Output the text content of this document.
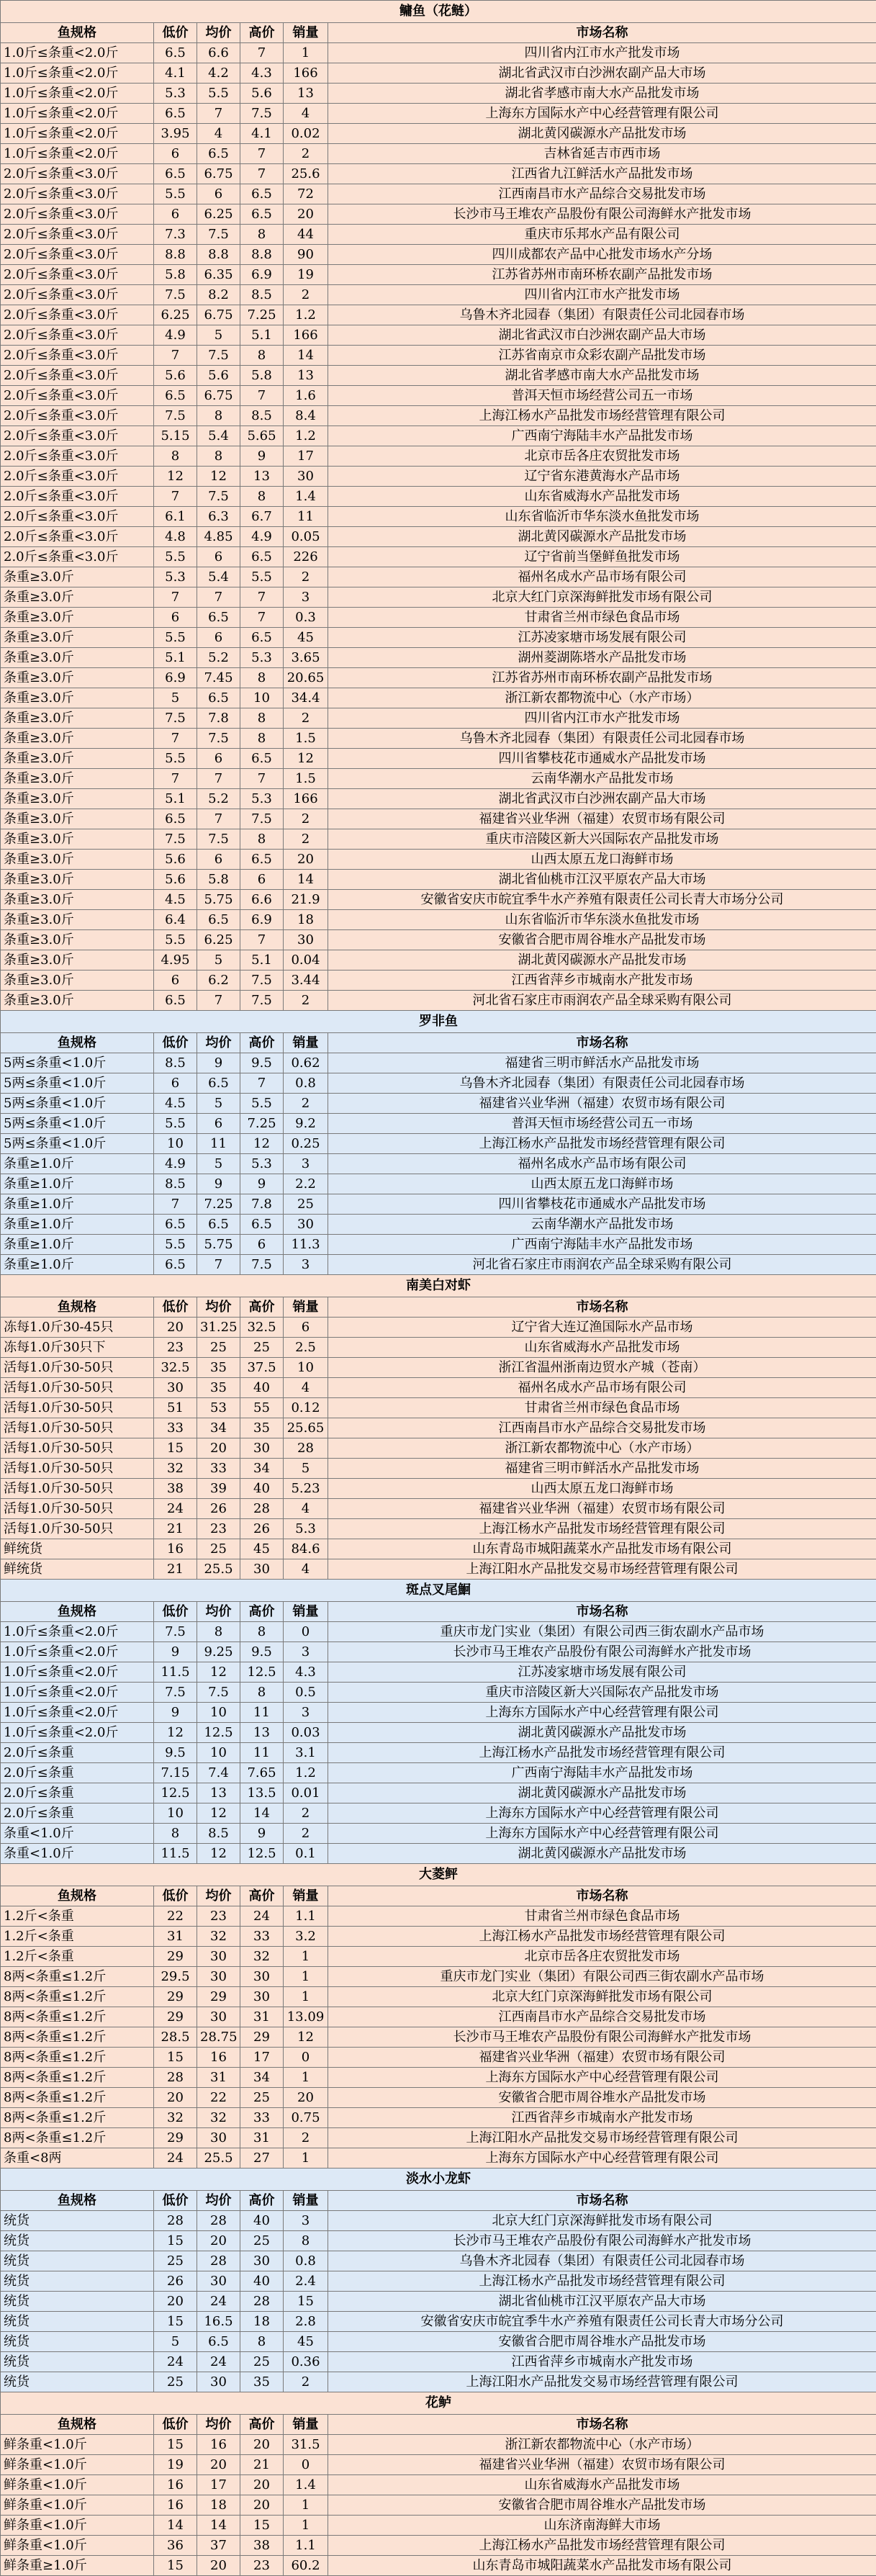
鳙鱼（花鲢）					
鱼规格	低价	均价	高价	销量	市场名称
1.0斤≤条重<2.0斤	6.5	6.6	7	1	四川省内江市水产批发市场
1.0斤≤条重<2.0斤	4.1	4.2	4.3	166	湖北省武汉市白沙洲农副产品大市场
1.0斤≤条重<2.0斤	5.3	5.5	5.6	13	湖北省孝感市南大水产品批发市场
1.0斤≤条重<2.0斤	6.5	7	7.5	4	上海东方国际水产中心经营管理有限公司
1.0斤≤条重<2.0斤	3.95	4	4.1	0.02	湖北黄冈碳源水产品批发市场
1.0斤≤条重<2.0斤	6	6.5	7	2	吉林省延吉市西市场
2.0斤≤条重<3.0斤	6.5	6.75	7	25.6	江西省九江鲜活水产品批发市场
2.0斤≤条重<3.0斤	5.5	6	6.5	72	江西南昌市水产品综合交易批发市场
2.0斤≤条重<3.0斤	6	6.25	6.5	20	长沙市马王堆农产品股份有限公司海鲜水产批发市场
2.0斤≤条重<3.0斤	7.3	7.5	8	44	重庆市乐邦水产品有限公司
2.0斤≤条重<3.0斤	8.8	8.8	8.8	90	四川成都农产品中心批发市场水产分场
2.0斤≤条重<3.0斤	5.8	6.35	6.9	19	江苏省苏州市南环桥农副产品批发市场
2.0斤≤条重<3.0斤	7.5	8.2	8.5	2	四川省内江市水产批发市场
2.0斤≤条重<3.0斤	6.25	6.75	7.25	1.2	乌鲁木齐北园春（集团）有限责任公司北园春市场
2.0斤≤条重<3.0斤	4.9	5	5.1	166	湖北省武汉市白沙洲农副产品大市场
2.0斤≤条重<3.0斤	7	7.5	8	14	江苏省南京市众彩农副产品批发市场
2.0斤≤条重<3.0斤	5.6	5.6	5.8	13	湖北省孝感市南大水产品批发市场
2.0斤≤条重<3.0斤	6.5	6.75	7	1.6	普洱天恒市场经营公司五一市场
2.0斤≤条重<3.0斤	7.5	8	8.5	8.4	上海江杨水产品批发市场经营管理有限公司
2.0斤≤条重<3.0斤	5.15	5.4	5.65	1.2	广西南宁海陆丰水产品批发市场
2.0斤≤条重<3.0斤	8	8	9	17	北京市岳各庄农贸批发市场
2.0斤≤条重<3.0斤	12	12	13	30	辽宁省东港黄海水产品市场
2.0斤≤条重<3.0斤	7	7.5	8	1.4	山东省威海水产品批发市场
2.0斤≤条重<3.0斤	6.1	6.3	6.7	11	山东省临沂市华东淡水鱼批发市场
2.0斤≤条重<3.0斤	4.8	4.85	4.9	0.05	湖北黄冈碳源水产品批发市场
2.0斤≤条重<3.0斤	5.5	6	6.5	226	辽宁省前当堡鲜鱼批发市场
条重≥3.0斤	5.3	5.4	5.5	2	福州名成水产品市场有限公司
条重≥3.0斤	7	7	7	3	北京大红门京深海鲜批发市场有限公司
条重≥3.0斤	6	6.5	7	0.3	甘肃省兰州市绿色食品市场
条重≥3.0斤	5.5	6	6.5	45	江苏凌家塘市场发展有限公司
条重≥3.0斤	5.1	5.2	5.3	3.65	湖州菱湖陈塔水产品批发市场
条重≥3.0斤	6.9	7.45	8	20.65	江苏省苏州市南环桥农副产品批发市场
条重≥3.0斤	5	6.5	10	34.4	浙江新农都物流中心（水产市场）
条重≥3.0斤	7.5	7.8	8	2	四川省内江市水产批发市场
条重≥3.0斤	7	7.5	8	1.5	乌鲁木齐北园春（集团）有限责任公司北园春市场
条重≥3.0斤	5.5	6	6.5	12	四川省攀枝花市通威水产品批发市场
条重≥3.0斤	7	7	7	1.5	云南华潮水产品批发市场
条重≥3.0斤	5.1	5.2	5.3	166	湖北省武汉市白沙洲农副产品大市场
条重≥3.0斤	6.5	7	7.5	2	福建省兴业华洲（福建）农贸市场有限公司
条重≥3.0斤	7.5	7.5	8	2	重庆市涪陵区新大兴国际农产品批发市场
条重≥3.0斤	5.6	6	6.5	20	山西太原五龙口海鲜市场
条重≥3.0斤	5.6	5.8	6	14	湖北省仙桃市江汉平原农产品大市场
条重≥3.0斤	4.5	5.75	6.6	21.9	安徽省安庆市皖宜季牛水产养殖有限责任公司长青大市场分公司
条重≥3.0斤	6.4	6.5	6.9	18	山东省临沂市华东淡水鱼批发市场
条重≥3.0斤	5.5	6.25	7	30	安徽省合肥市周谷堆水产品批发市场
条重≥3.0斤	4.95	5	5.1	0.04	湖北黄冈碳源水产品批发市场
条重≥3.0斤	6	6.2	7.5	3.44	江西省萍乡市城南水产批发市场
条重≥3.0斤	6.5	7	7.5	2	河北省石家庄市雨润农产品全球采购有限公司
罗非鱼					
鱼规格	低价	均价	高价	销量	市场名称
5两≤条重<1.0斤	8.5	9	9.5	0.62	福建省三明市鲜活水产品批发市场
5两≤条重<1.0斤	6	6.5	7	0.8	乌鲁木齐北园春（集团）有限责任公司北园春市场
5两≤条重<1.0斤	4.5	5	5.5	2	福建省兴业华洲（福建）农贸市场有限公司
5两≤条重<1.0斤	5.5	6	7.25	9.2	普洱天恒市场经营公司五一市场
5两≤条重<1.0斤	10	11	12	0.25	上海江杨水产品批发市场经营管理有限公司
条重≥1.0斤	4.9	5	5.3	3	福州名成水产品市场有限公司
条重≥1.0斤	8.5	9	9	2.2	山西太原五龙口海鲜市场
条重≥1.0斤	7	7.25	7.8	25	四川省攀枝花市通威水产品批发市场
条重≥1.0斤	6.5	6.5	6.5	30	云南华潮水产品批发市场
条重≥1.0斤	5.5	5.75	6	11.3	广西南宁海陆丰水产品批发市场
条重≥1.0斤	6.5	7	7.5	3	河北省石家庄市雨润农产品全球采购有限公司
南美白对虾					
鱼规格	低价	均价	高价	销量	市场名称
冻每1.0斤30-45只	20	31.25	32.5	6	辽宁省大连辽渔国际水产品市场
冻每1.0斤30只下	23	25	25	2.5	山东省威海水产品批发市场
活每1.0斤30-50只	32.5	35	37.5	10	浙江省温州浙南边贸水产城（苍南）
活每1.0斤30-50只	30	35	40	4	福州名成水产品市场有限公司
活每1.0斤30-50只	51	53	55	0.12	甘肃省兰州市绿色食品市场
活每1.0斤30-50只	33	34	35	25.65	江西南昌市水产品综合交易批发市场
活每1.0斤30-50只	15	20	30	28	浙江新农都物流中心（水产市场）
活每1.0斤30-50只	32	33	34	5	福建省三明市鲜活水产品批发市场
活每1.0斤30-50只	38	39	40	5.23	山西太原五龙口海鲜市场
活每1.0斤30-50只	24	26	28	4	福建省兴业华洲（福建）农贸市场有限公司
活每1.0斤30-50只	21	23	26	5.3	上海江杨水产品批发市场经营管理有限公司
鲜统货	16	25	45	84.6	山东青岛市城阳蔬菜水产品批发市场有限公司
鲜统货	21	25.5	30	4	上海江阳水产品批发交易市场经营管理有限公司
斑点叉尾鮰					
鱼规格	低价	均价	高价	销量	市场名称
1.0斤≤条重<2.0斤	7.5	8	8	0	重庆市龙门实业（集团）有限公司西三街农副水产品市场
1.0斤≤条重<2.0斤	9	9.25	9.5	3	长沙市马王堆农产品股份有限公司海鲜水产批发市场
1.0斤≤条重<2.0斤	11.5	12	12.5	4.3	江苏凌家塘市场发展有限公司
1.0斤≤条重<2.0斤	7.5	7.5	8	0.5	重庆市涪陵区新大兴国际农产品批发市场
1.0斤≤条重<2.0斤	9	10	11	3	上海东方国际水产中心经营管理有限公司
1.0斤≤条重<2.0斤	12	12.5	13	0.03	湖北黄冈碳源水产品批发市场
2.0斤≤条重	9.5	10	11	3.1	上海江杨水产品批发市场经营管理有限公司
2.0斤≤条重	7.15	7.4	7.65	1.2	广西南宁海陆丰水产品批发市场
2.0斤≤条重	12.5	13	13.5	0.01	湖北黄冈碳源水产品批发市场
2.0斤≤条重	10	12	14	2	上海东方国际水产中心经营管理有限公司
条重<1.0斤	8	8.5	9	2	上海东方国际水产中心经营管理有限公司
条重<1.0斤	11.5	12	12.5	0.1	湖北黄冈碳源水产品批发市场
大菱鲆					
鱼规格	低价	均价	高价	销量	市场名称
1.2斤<条重	22	23	24	1.1	甘肃省兰州市绿色食品市场
1.2斤<条重	31	32	33	3.2	上海江杨水产品批发市场经营管理有限公司
1.2斤<条重	29	30	32	1	北京市岳各庄农贸批发市场
8两<条重≤1.2斤	29.5	30	30	1	重庆市龙门实业（集团）有限公司西三街农副水产品市场
8两<条重≤1.2斤	29	29	30	1	北京大红门京深海鲜批发市场有限公司
8两<条重≤1.2斤	29	30	31	13.09	江西南昌市水产品综合交易批发市场
8两<条重≤1.2斤	28.5	28.75	29	12	长沙市马王堆农产品股份有限公司海鲜水产批发市场
8两<条重≤1.2斤	15	16	17	0	福建省兴业华洲（福建）农贸市场有限公司
8两<条重≤1.2斤	28	31	34	1	上海东方国际水产中心经营管理有限公司
8两<条重≤1.2斤	20	22	25	20	安徽省合肥市周谷堆水产品批发市场
8两<条重≤1.2斤	32	32	33	0.75	江西省萍乡市城南水产批发市场
8两<条重≤1.2斤	29	30	31	2	上海江阳水产品批发交易市场经营管理有限公司
条重<8两	24	25.5	27	1	上海东方国际水产中心经营管理有限公司
淡水小龙虾					
鱼规格	低价	均价	高价	销量	市场名称
统货	28	28	40	3	北京大红门京深海鲜批发市场有限公司
统货	15	20	25	8	长沙市马王堆农产品股份有限公司海鲜水产批发市场
统货	25	28	30	0.8	乌鲁木齐北园春（集团）有限责任公司北园春市场
统货	26	30	40	2.4	上海江杨水产品批发市场经营管理有限公司
统货	20	24	28	15	湖北省仙桃市江汉平原农产品大市场
统货	15	16.5	18	2.8	安徽省安庆市皖宜季牛水产养殖有限责任公司长青大市场分公司
统货	5	6.5	8	45	安徽省合肥市周谷堆水产品批发市场
统货	24	24	25	0.36	江西省萍乡市城南水产批发市场
统货	25	30	35	2	上海江阳水产品批发交易市场经营管理有限公司
花鲈					
鱼规格	低价	均价	高价	销量	市场名称
鲜条重<1.0斤	15	16	20	31.5	浙江新农都物流中心（水产市场）
鲜条重<1.0斤	19	20	21	0	福建省兴业华洲（福建）农贸市场有限公司
鲜条重<1.0斤	16	17	20	1.4	山东省威海水产品批发市场
鲜条重<1.0斤	16	18	20	1	安徽省合肥市周谷堆水产品批发市场
鲜条重<1.0斤	14	14	15	1	山东济南海鲜大市场
鲜条重<1.0斤	36	37	38	1.1	上海江杨水产品批发市场经营管理有限公司
鲜条重≥1.0斤	15	20	23	60.2	山东青岛市城阳蔬菜水产品批发市场有限公司
